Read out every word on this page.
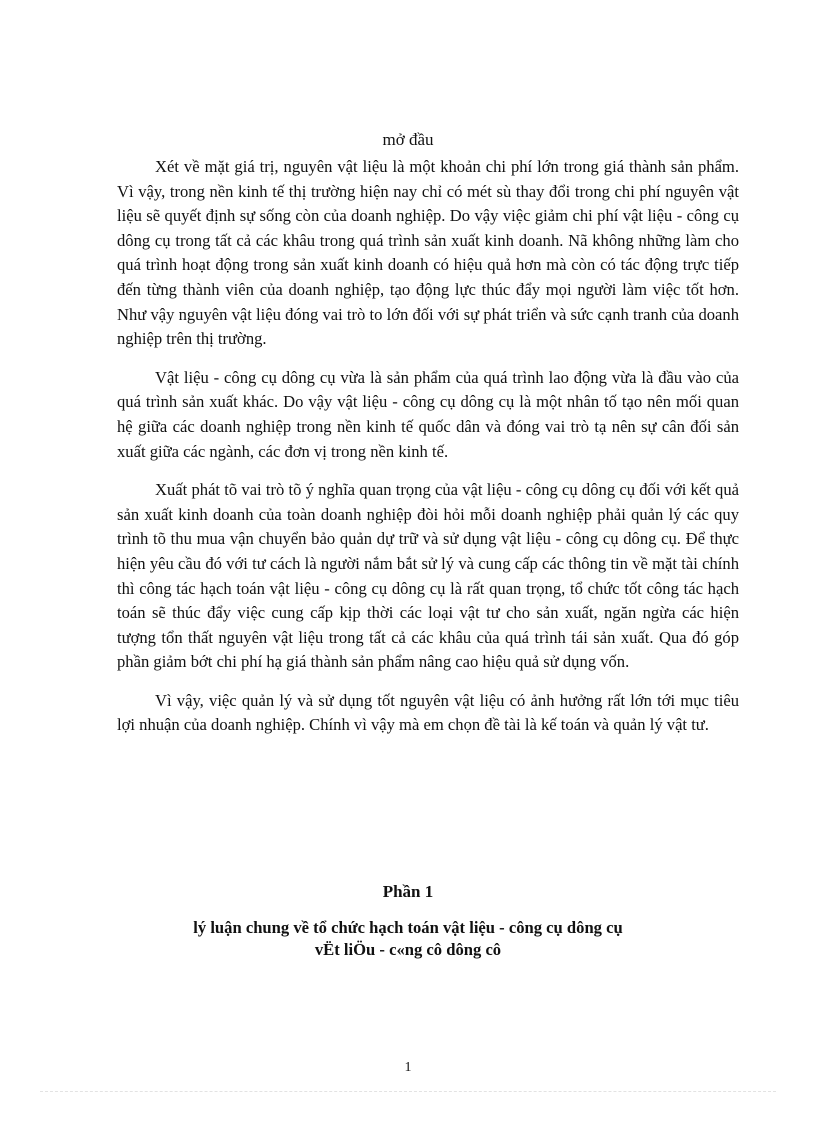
mở đầu

Xét về mặt giá trị, nguyên vật liệu là một khoản chi phí lớn trong giá thành sản phẩm. Vì vậy, trong nền kinh tế thị trường hiện nay chỉ có mét sù thay đổi trong chi phí nguyên vật liệu sẽ quyết định sự sống còn của doanh nghiệp. Do vậy việc giảm chi phí vật liệu - công cụ dông cụ trong tất cả các khâu trong quá trình sản xuất kinh doanh. Nã không những làm cho quá trình hoạt động trong sản xuất kinh doanh có hiệu quả hơn mà còn có tác động trực tiếp đến từng thành viên của doanh nghiệp, tạo động lực thúc đẩy mọi người làm việc tốt hơn. Như vậy nguyên vật liệu đóng vai trò to lớn đối với sự phát triển và sức cạnh tranh của doanh nghiệp trên thị trường.

Vật liệu - công cụ dông cụ vừa là sản phẩm của quá trình lao động vừa là đầu vào của quá trình sản xuất khác. Do vậy vật liệu - công cụ dông cụ là một nhân tố tạo nên mối quan hệ giữa các doanh nghiệp trong nền kinh tế quốc dân và đóng vai trò tạ nên sự cân đối sản xuất giữa các ngành, các đơn vị trong nền kinh tế.

Xuất phát tõ vai trò tõ ý nghĩa quan trọng của vật liệu - công cụ dông cụ đối với kết quả sản xuất kinh doanh của toàn doanh nghiệp đòi hỏi mỗi doanh nghiệp phải quản lý các quy trình tõ thu mua vận chuyển bảo quản dự trữ và sử dụng vật liệu - công cụ dông cụ. Để thực hiện yêu cầu đó với tư cách là người nắm bắt sử lý và cung cấp các thông tin về mặt tài chính thì công tác hạch toán vật liệu - công cụ dông cụ là rất quan trọng, tổ chức tốt công tác hạch toán sẽ thúc đẩy việc cung cấp kịp thời các loại vật tư cho sản xuất, ngăn ngừa các hiện tượng tổn thất nguyên vật liệu trong tất cả các khâu của quá trình tái sản xuất. Qua đó góp phần giảm bớt chi phí hạ giá thành sản phẩm nâng cao hiệu quả sử dụng vốn.

Vì vậy, việc quản lý và sử dụng tốt nguyên vật liệu có ảnh hưởng rất lớn tới mục tiêu lợi nhuận của doanh nghiệp. Chính vì vậy mà em chọn đề tài là kế toán và quản lý vật tư.

Phần 1
lý luận chung về tổ chức hạch toán vật liệu - công cụ dông cụ
vËt liÖu - c«ng cô dông cô
1
